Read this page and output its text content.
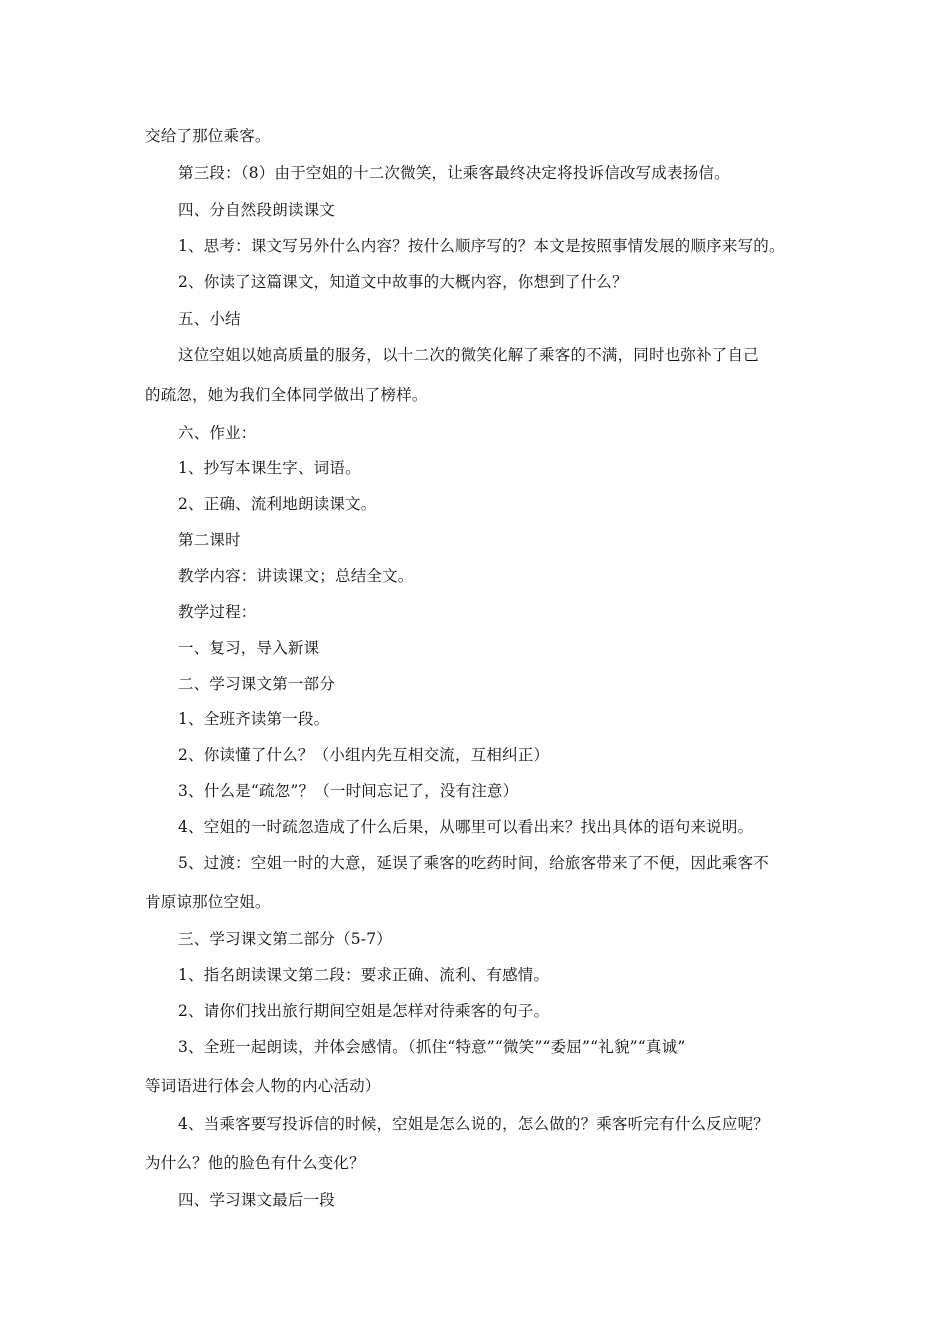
交给了那位乘客。
第三段：（8）由于空姐的十二次微笑，让乘客最终决定将投诉信改写成表扬信。
四、分自然段朗读课文
1、思考：课文写另外什么内容？按什么顺序写的？本文是按照事情发展的顺序来写的。
2、你读了这篇课文，知道文中故事的大概内容，你想到了什么？
五、小结
这位空姐以她高质量的服务，以十二次的微笑化解了乘客的不满，同时也弥补了自己
的疏忽，她为我们全体同学做出了榜样。
六、作业：
1、抄写本课生字、词语。
2、正确、流利地朗读课文。
第二课时
教学内容：讲读课文；总结全文。
教学过程：
一、复习，导入新课
二、学习课文第一部分
1、全班齐读第一段。
2、你读懂了什么？（小组内先互相交流，互相纠正）
3、什么是“疏忽”？（一时间忘记了，没有注意）
4、空姐的一时疏忽造成了什么后果，从哪里可以看出来？找出具体的语句来说明。
5、过渡：空姐一时的大意，延误了乘客的吃药时间，给旅客带来了不便，因此乘客不
肯原谅那位空姐。
三、学习课文第二部分（5-7）
1、指名朗读课文第二段：要求正确、流利、有感情。
2、请你们找出旅行期间空姐是怎样对待乘客的句子。
3、全班一起朗读，并体会感情。（抓住“特意”“微笑”“委屈”“礼貌”“真诚”
等词语进行体会人物的内心活动）
4、当乘客要写投诉信的时候，空姐是怎么说的，怎么做的？乘客听完有什么反应呢？
为什么？他的脸色有什么变化？
四、学习课文最后一段
